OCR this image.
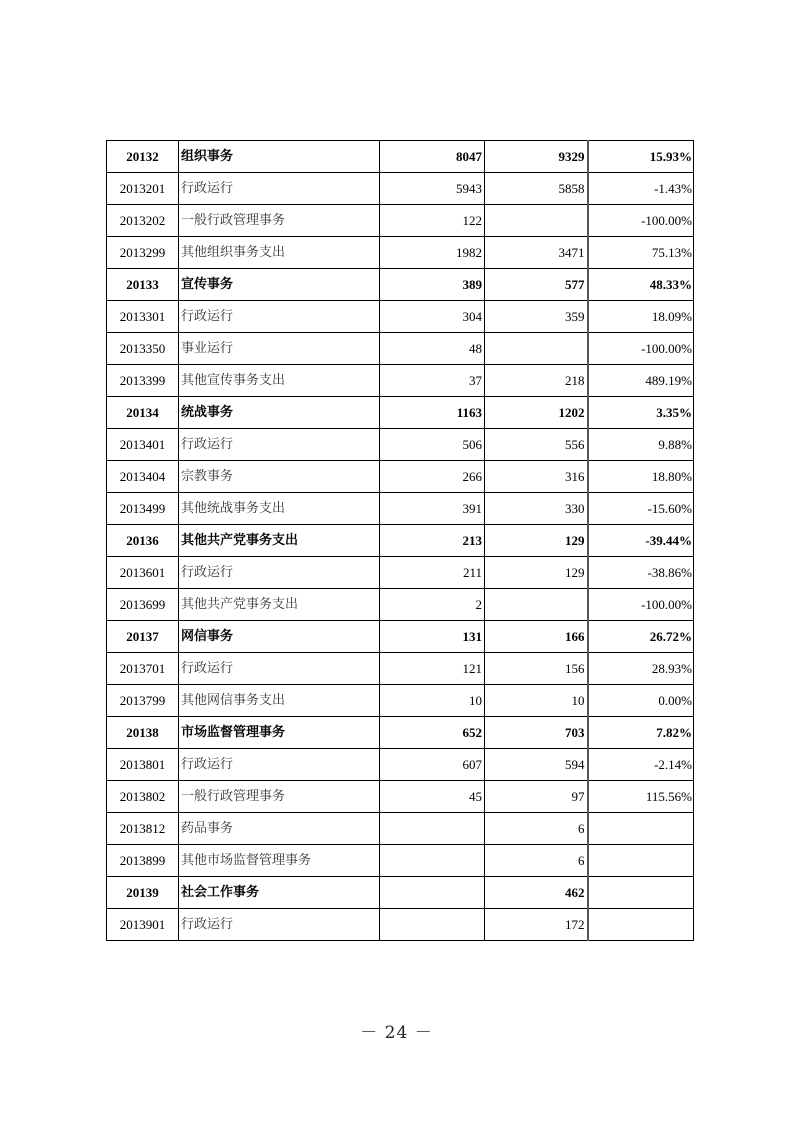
20132	组织事务	8047	9329	15.93%
2013201	行政运行	5943	5858	-1.43%
2013202	一般行政管理事务	122		-100.00%
2013299	其他组织事务支出	1982	3471	75.13%
20133	宣传事务	389	577	48.33%
2013301	行政运行	304	359	18.09%
2013350	事业运行	48		-100.00%
2013399	其他宣传事务支出	37	218	489.19%
20134	统战事务	1163	1202	3.35%
2013401	行政运行	506	556	9.88%
2013404	宗教事务	266	316	18.80%
2013499	其他统战事务支出	391	330	-15.60%
20136	其他共产党事务支出	213	129	-39.44%
2013601	行政运行	211	129	-38.86%
2013699	其他共产党事务支出	2		-100.00%
20137	网信事务	131	166	26.72%
2013701	行政运行	121	156	28.93%
2013799	其他网信事务支出	10	10	0.00%
20138	市场监督管理事务	652	703	7.82%
2013801	行政运行	607	594	-2.14%
2013802	一般行政管理事务	45	97	115.56%
2013812	药品事务		6	
2013899	其他市场监督管理事务		6	
20139	社会工作事务		462	
2013901	行政运行		172	
－ 24 －
